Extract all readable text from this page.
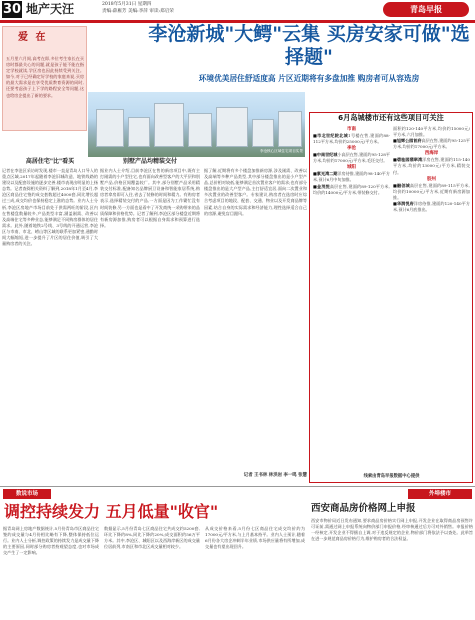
30 地产天汪	2018年5月31日 星期四
责编:薛雁芳 美编:李萍 审读:郑启荣	青岛早报
爱 在
五月里六月间,高考在即,多位考生家长在买房时都最关心的问题,就是孩子能不能在指定学校就读,学区房也因此持续受到关注。如今,对于已经确定好学校的家庭来说,买房的最大需求是在享受优质教育资源的同时,还要考虑孩子上下学的路程安全等问题,这也给房企提出了新的要求。
李沧新城"大鳄"云集 买房安家可做"选择题"
环境优美居住舒适度高 片区近期将有多盘加推 购房者可从容选房
李沧核心区域住宅项目实景
高居住宅"比"看买
记者在李沧区采访时发现,楼市一直是青岛人口导入的重点区域,2017年起随着李沧旧城改造、地铁线路的建设以及配套设施的逐步完善,楼市表现出明显的上扬态势。记者查阅相关资料了解到,2018年1月至4月,李沧区商品住宅签约成交套数超过4000套,同比增长超过三成,成交均价也保持稳定上涨的态势。业内人士分析,李沧区房地产市场目前处于供需两旺的阶段,区内在售楼盘数量较多,产品类型丰富,涵盖刚需、改善以及高端住宅等多种业态,能够满足不同购房群体的居住需求。此外,随着地铁2号线、3号线的开通运营,李沧区与市南、市北、崂山等区域的联系更加紧密,通勤时间大幅缩短,进一步提升了片区的居住价值,吸引了大量购房者的关注。
别墅产品均精装交付
据业内人士介绍,目前李沧区在售的新房项目中,既有主打刚需的小户型住宅,也有面向改善型客户的大平层和别墅产品,价格区间覆盖较广。其中,部分别墅产品采用精装交付标准,配备知名品牌厨卫设备和智能家居系统,购房者拿房即可入住,省去了装修的时间和精力。有购房者表示,选择精装交付的产品,一方面是因为工作繁忙没有时间装修,另一方面也是看中了开发商统一采购带来的品质保障和价格优势。记者了解到,李沧区部分楼盘近期将有新房源加推,购房者可以根据自身需求和预算进行选择。
据了解,近期将有多个楼盘加推新房源,涉及刚需、改善以及高端等多种产品类型,其中部分楼盘推出的是小户型产品,总价相对较低,能够满足首次置业客户的需求;也有部分楼盘推出的是大户型产品,主打舒适宜居,面向二次置业和多次置业的改善型客户。专家建议,购房者在选房时应综合考虑项目的地段、配套、交通、物业以及开发商品牌等因素,结合自身的实际需求和经济能力,理性选择适合自己的房源,避免盲目跟风。
记者 王书林 林洪岩 李一鸣 张慧
6月岛城楼市还有这些项目可关注
市南
■市北世纪院北城1号楼在售,建面约88-112平方米,均价约25000元/平方米。
李沧
■中南世纪城小高层在售,建面约95-128平方米,均价约17000元/平方米,毛坯交付。
城阳
■紫光湾二期洋房待推,建面约98-140平方米,预计6月中旬加推。
■金茂悦高层在售,建面约89-120平方米,均价约14000元/平方米,带装修交付。
面积约120-140平方米,均价约15000元/平方米,六月加推。
■旭辉公园首府高层在售,建面约95-125平方米,均价约17000元/平方米。
西海岸
■碧桂园翡翠湾洋房在售,建面约115-140平方米,均价约13000元/平方米,精装交付。
胶州
■融创城高层在售,建面约89-115平方米,均价约10000元/平方米,近期有新房源加推。
■华润悦府洋房待推,建面约120-140平方米,预计6月底推出。
线索由青岛早报数据中心提供
数说市场
调控持续发力 五月低量"收官"
据青岛网上房地产数据统计,5月份青岛市区商品住宅签约成交量与4月份相比略有下降,整体保持低位运行。业内人士分析,调控政策的持续发力是成交量下降的主要原因,同时部分购房者持观望态度,也对市场成交产生了一定影响。
数据显示,5月份青岛七区商品住宅共成交约5200套,环比下降约8%,同比下降约20%;成交面积约56万平方米。其中,李沧区、城阳区以及西海岸新区的成交量位居前列,市南区和市北区成交量相对较少。
从成交价格来看,5月份七区商品住宅成交均价约为17000元/平方米,与上月基本持平。业内人士预计,随着6月份各大房企冲刺半年业绩,市场供应量将有所增加,成交量也有望出现回升。
外埠楼市
西安商品房价格网上申报
西安市物价局近日发布通知,要求商品房价格实行网上申报,开发企业在取得商品房预售许可证前,需通过网上申报系统向物价部门申报价格,经审核通过后方可对外销售。申报价格一经核定,开发企业不得擅自上调,对于违反规定的企业,物价部门将依法予以查处。此举旨在进一步规范商品房价格行为,维护购房者的合法权益。
